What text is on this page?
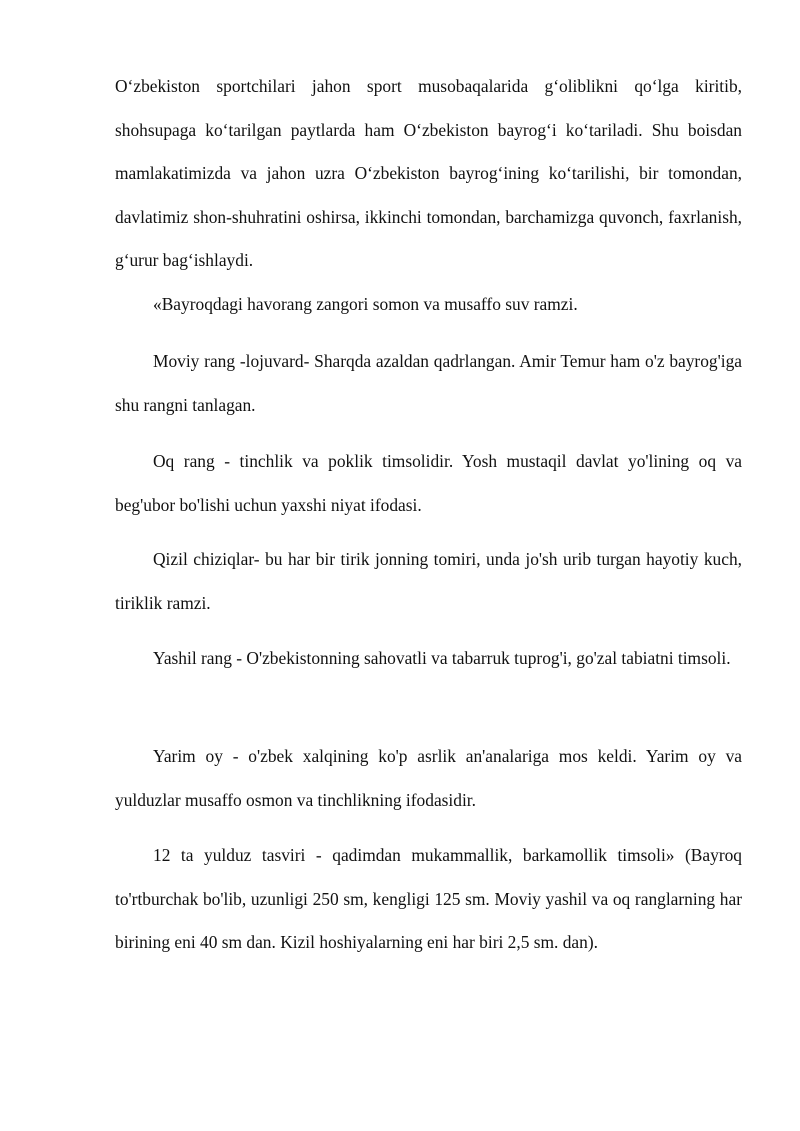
O‘zbekiston sportchilari jahon sport musobaqalarida g‘oliblikni qo‘lga kiritib, shohsupaga ko‘tarilgan paytlarda ham O‘zbekiston bayrog‘i ko‘tariladi. Shu boisdan mamlakatimizda va jahon uzra O‘zbekiston bayrog‘ining ko‘tarilishi, bir tomondan, davlatimiz shon-shuhratini oshirsa, ikkinchi tomondan, barchamizga quvonch, faxrlanish, g‘urur bag‘ishlaydi.

«Bayroqdagi havorang zangori somon va musaffo suv ramzi.

Moviy rang -lojuvard- Sharqda azaldan qadrlangan. Amir Temur ham o'z bayrog'iga shu rangni tanlagan.

Oq rang - tinchlik va poklik timsolidir. Yosh mustaqil davlat yo'lining oq va beg'ubor bo'lishi uchun yaxshi niyat ifodasi.

Qizil chiziqlar- bu har bir tirik jonning tomiri, unda jo'sh urib turgan hayotiy kuch, tiriklik ramzi.

Yashil rang - O'zbekistonning sahovatli va tabarruk tuprog'i, go'zal tabiatni timsoli.

Yarim oy - o'zbek xalqining ko'p asrlik an'analariga mos keldi. Yarim oy va yulduzlar musaffo osmon va tinchlikning ifodasidir.

12 ta yulduz tasviri - qadimdan mukammallik, barkamollik timsoli» (Bayroq to'rtburchak bo'lib, uzunligi 250 sm, kengligi 125 sm. Moviy yashil va oq ranglarning har birining eni 40 sm dan. Kizil hoshiyalarning eni har biri 2,5 sm. dan).
